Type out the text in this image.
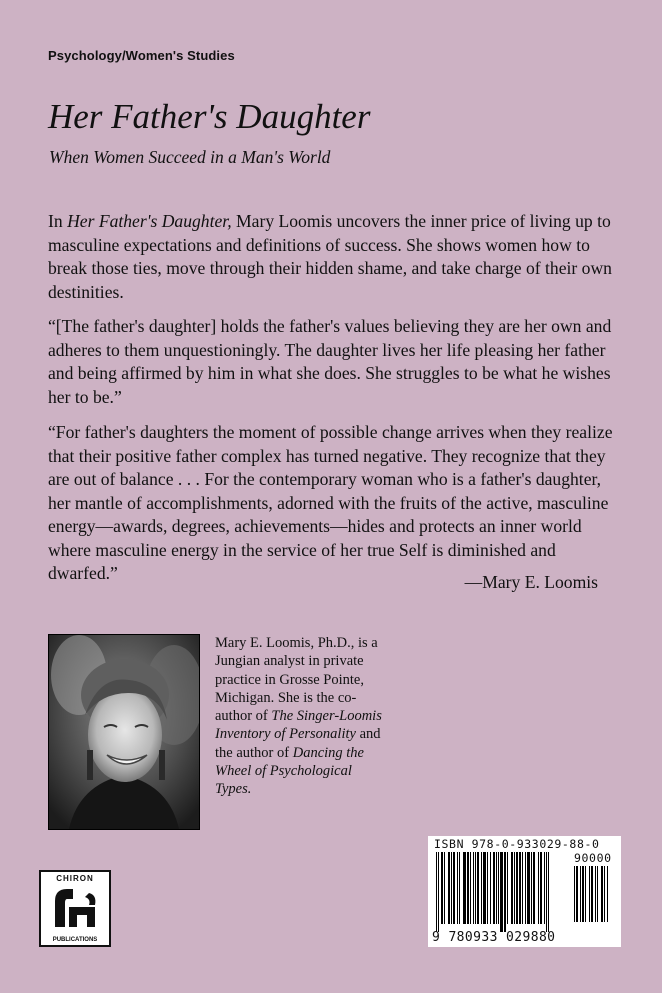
Psychology/Women's Studies
Her Father's Daughter
When Women Succeed in a Man's World
In Her Father's Daughter, Mary Loomis uncovers the inner price of living up to masculine expectations and definitions of success. She shows women how to break those ties, move through their hidden shame, and take charge of their own destinities.
“[The father's daughter] holds the father's values believing they are her own and adheres to them unquestioningly. The daughter lives her life pleasing her father and being affirmed by him in what she does. She struggles to be what he wishes her to be.”
“For father's daughters the moment of possible change arrives when they realize that their positive father complex has turned negative. They recognize that they are out of balance . . . For the contemporary woman who is a father's daughter, her mantle of accomplishments, adorned with the fruits of the active, masculine energy—awards, degrees, achievements—hides and protects an inner world where masculine energy in the service of her true Self is diminished and dwarfed.”	—Mary E. Loomis
Mary E. Loomis, Ph.D., is a Jungian analyst in private practice in Grosse Pointe, Michigan. She is the co-author of The Singer-Loomis Inventory of Personality and the author of Dancing the Wheel of Psychological Types.
ISBN 978-0-933029-88-0
90000
9 780933 029880
CHIRON
PUBLICATIONS
